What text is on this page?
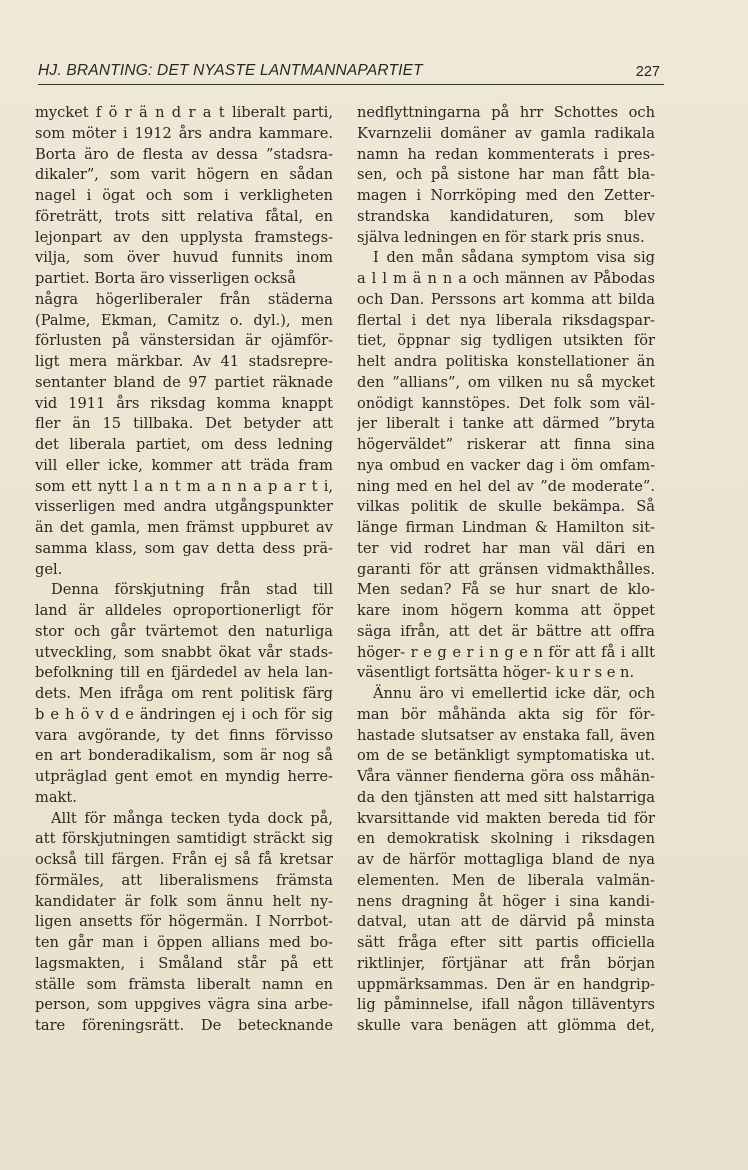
HJ. BRANTING: DET NYASTE LANTMANNAPARTIET	227
mycket f ö r ä n d r a t liberalt parti,
som möter i 1912 års andra kammare.
Borta äro de flesta av dessa ”stadsra-
dikaler”, som varit högern en sådan
nagel i ögat och som i verkligheten
företrätt, trots sitt relativa fåtal, en
lejonpart av den upplysta framstegs-
vilja, som över huvud funnits inom
partiet. Borta äro visserligen också
några högerliberaler från städerna
(Palme, Ekman, Camitz o. dyl.), men
förlusten på vänstersidan är ojämför-
ligt mera märkbar. Av 41 stadsrepre-
sentanter bland de 97 partiet räknade
vid 1911 års riksdag komma knappt
fler än 15 tillbaka. Det betyder att
det liberala partiet, om dess ledning
vill eller icke, kommer att träda fram
som ett nytt l a n t m a n n a p a r t i,
visserligen med andra utgångspunkter
än det gamla, men främst uppburet av
samma klass, som gav detta dess prä-
gel.
Denna förskjutning från stad till
land är alldeles oproportionerligt för
stor och går tvärtemot den naturliga
utveckling, som snabbt ökat vår stads-
befolkning till en fjärdedel av hela lan-
dets. Men ifråga om rent politisk färg
b e h ö v d e ändringen ej i och för sig
vara avgörande, ty det finns förvisso
en art bonderadikalism, som är nog så
utpräglad gent emot en myndig herre-
makt.
Allt för många tecken tyda dock på,
att förskjutningen samtidigt sträckt sig
också till färgen. Från ej så få kretsar
förmäles, att liberalismens främsta
kandidater är folk som ännu helt ny-
ligen ansetts för högermän. I Norrbot-
ten går man i öppen allians med bo-
lagsmakten, i Småland står på ett
ställe som främsta liberalt namn en
person, som uppgives vägra sina arbe-
tare föreningsrätt. De betecknande
nedflyttningarna på hrr Schottes och
Kvarnzelii domäner av gamla radikala
namn ha redan kommenterats i pres-
sen, och på sistone har man fått bla-
magen i Norrköping med den Zetter-
strandska kandidaturen, som blev
själva ledningen en för stark pris snus.
I den mån sådana symptom visa sig
a l l m ä n n a och männen av Påbodas
och Dan. Perssons art komma att bilda
flertal i det nya liberala riksdagspar-
tiet, öppnar sig tydligen utsikten för
helt andra politiska konstellationer än
den ”allians”, om vilken nu så mycket
onödigt kannstöpes. Det folk som väl-
jer liberalt i tanke att därmed ”bryta
högerväldet” riskerar att finna sina
nya ombud en vacker dag i öm omfam-
ning med en hel del av ”de moderate”.
vilkas politik de skulle bekämpa. Så
länge firman Lindman & Hamilton sit-
ter vid rodret har man väl däri en
garanti för att gränsen vidmakthålles.
Men sedan? Få se hur snart de klo-
kare inom högern komma att öppet
säga ifrån, att det är bättre att offra
höger- r e g e r i n g e n för att få i allt
väsentligt fortsätta höger- k u r s e n.
Ännu äro vi emellertid icke där, och
man bör måhända akta sig för för-
hastade slutsatser av enstaka fall, även
om de se betänkligt symptomatiska ut.
Våra vänner fienderna göra oss måhän-
da den tjänsten att med sitt halstarriga
kvarsittande vid makten bereda tid för
en demokratisk skolning i riksdagen
av de härför mottagliga bland de nya
elementen. Men de liberala valmän-
nens dragning åt höger i sina kandi-
datval, utan att de därvid på minsta
sätt fråga efter sitt partis officiella
riktlinjer, förtjänar att från början
uppmärksammas. Den är en handgrip-
lig påminnelse, ifall någon tilläventyrs
skulle vara benägen att glömma det,
